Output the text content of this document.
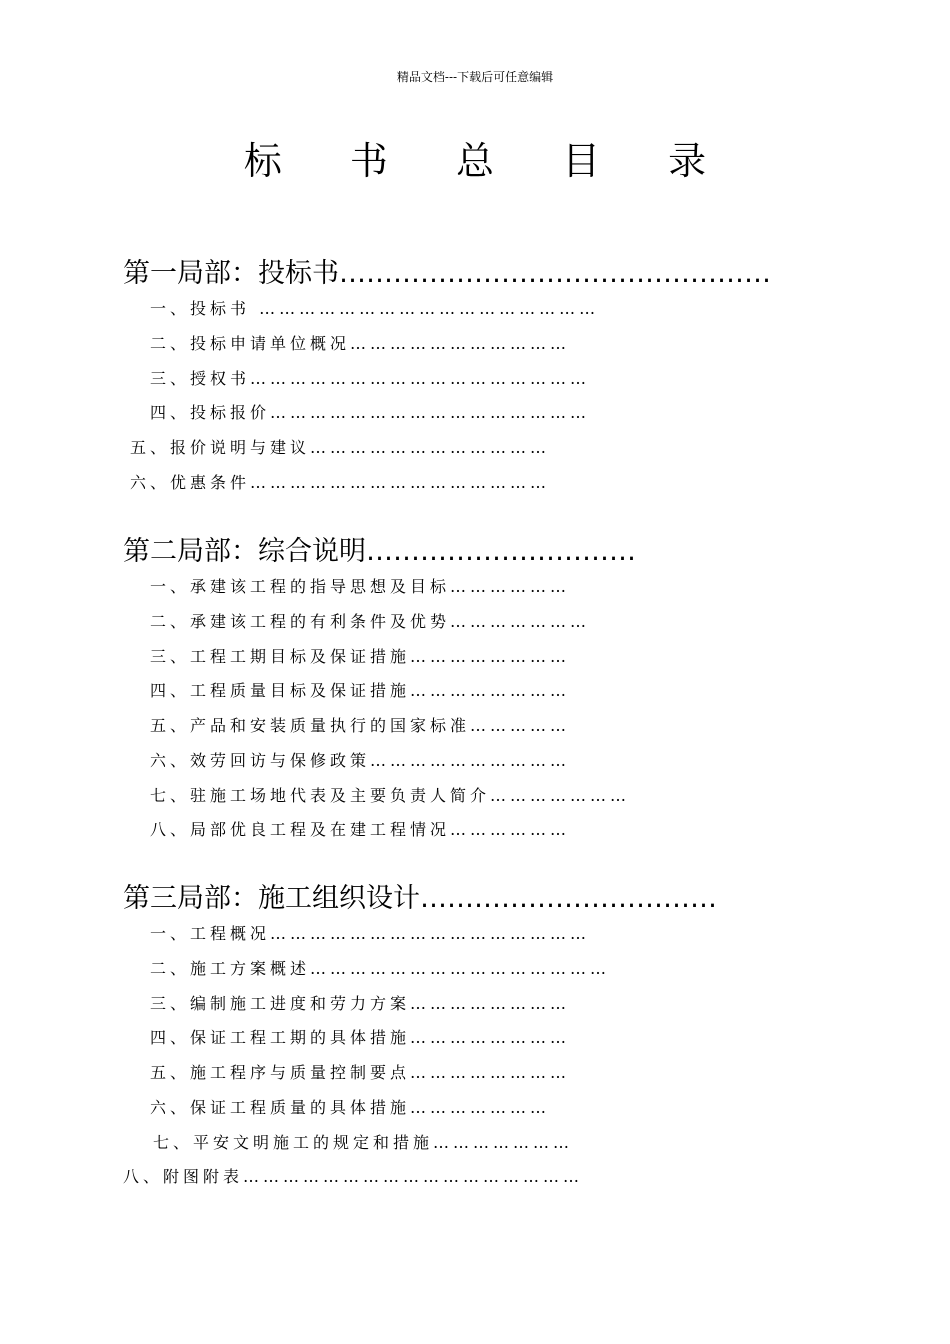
精品文档---下载后可任意编辑
标 书 总 目 录
第一局部：投标书…………………………………………
一、投标书 ……………………………………………
二、投标申请单位概况……………………………
三、授权书……………………………………………
四、投标报价…………………………………………
五、报价说明与建议………………………………
六、优惠条件………………………………………
第二局部：综合说明…………………………
一、承建该工程的指导思想及目标………………
二、承建该工程的有利条件及优势…………………
三、工程工期目标及保证措施……………………
四、工程质量目标及保证措施……………………
五、产品和安装质量执行的国家标准……………
六、效劳回访与保修政策…………………………
七、驻施工场地代表及主要负责人简介…………………
八、局部优良工程及在建工程情况………………
第三局部：施工组织设计……………………………
一、工程概况…………………………………………
二、施工方案概述………………………………………
三、编制施工进度和劳力方案……………………
四、保证工程工期的具体措施……………………
五、施工程序与质量控制要点……………………
六、保证工程质量的具体措施…………………
七、平安文明施工的规定和措施…………………
八、附图附表……………………………………………
